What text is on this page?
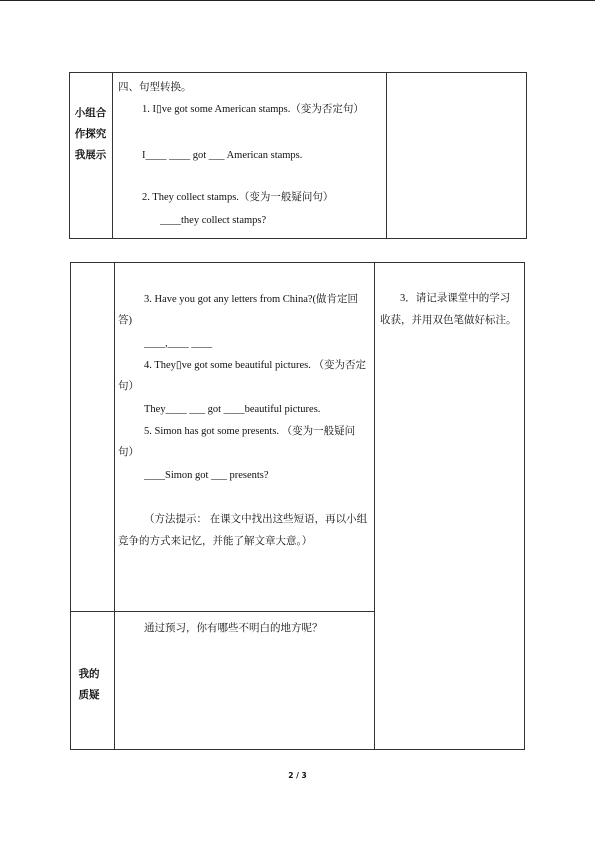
小组合作探究我展示
四、句型转换。
1. I▯ve got some American stamps.（变为否定句）
I____ ____ got ___ American stamps.
2. They collect stamps.（变为一般疑问句）
____they collect stamps?
3. Have you got any letters from China?(做肯定回答)
____,____ ____
4. They▯ve got some beautiful pictures. （变为否定句）
They____ ___ got ____beautiful pictures.
5. Simon has got some presents. （变为一般疑问句）
____Simon got ___ presents?
（方法提示： 在课文中找出这些短语，再以小组竞争的方式来记忆，并能了解文章大意。）
3．请记录课堂中的学习收获，并用双色笔做好标注。
我的质疑
通过预习，你有哪些不明白的地方呢？
2 / 3
